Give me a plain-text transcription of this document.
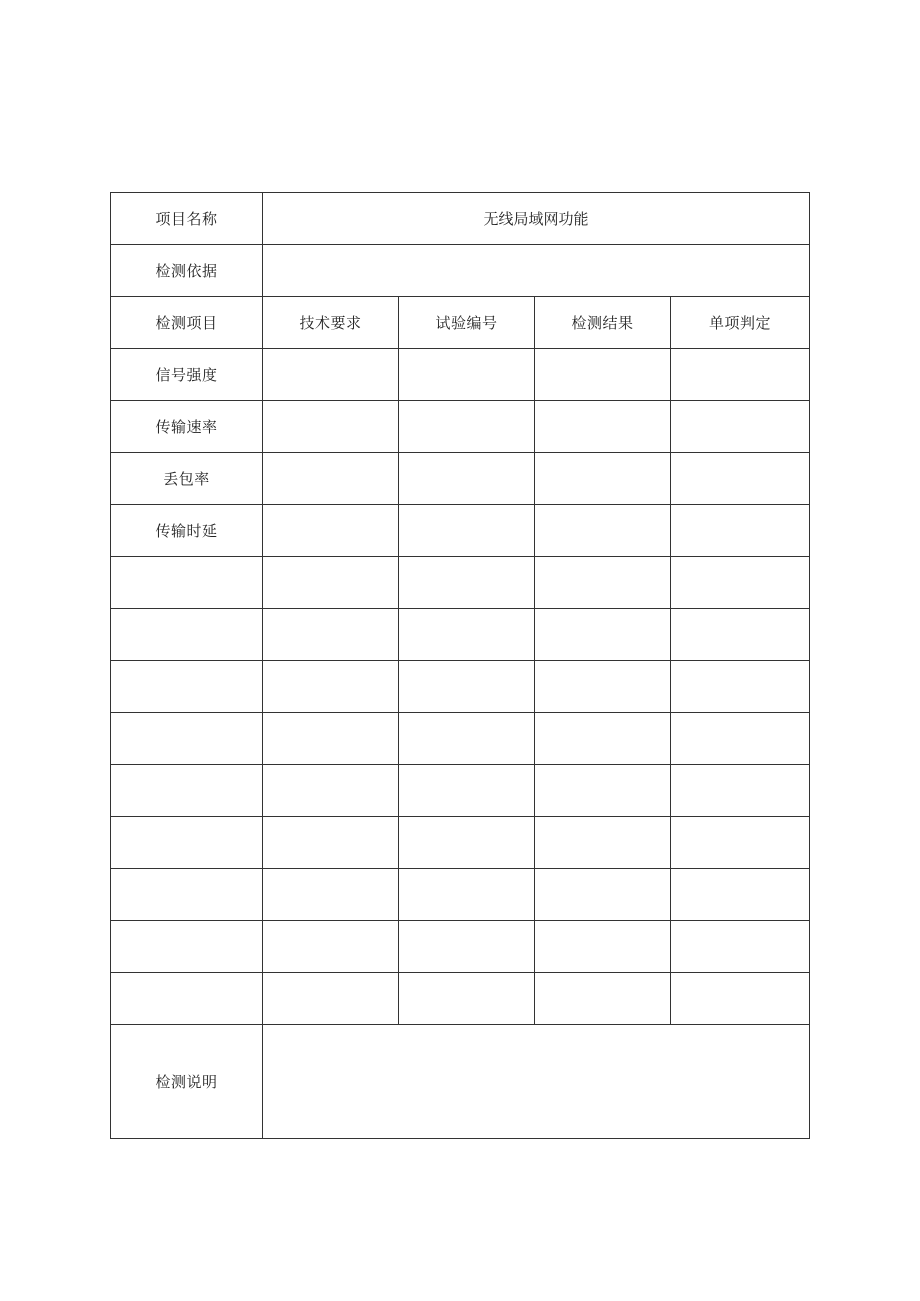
项目名称	无线局域网功能			
检测依据				
检测项目	技术要求	试验编号	检测结果	单项判定
信号强度				
传输速率				
丢包率				
传输时延				

检测说明				
